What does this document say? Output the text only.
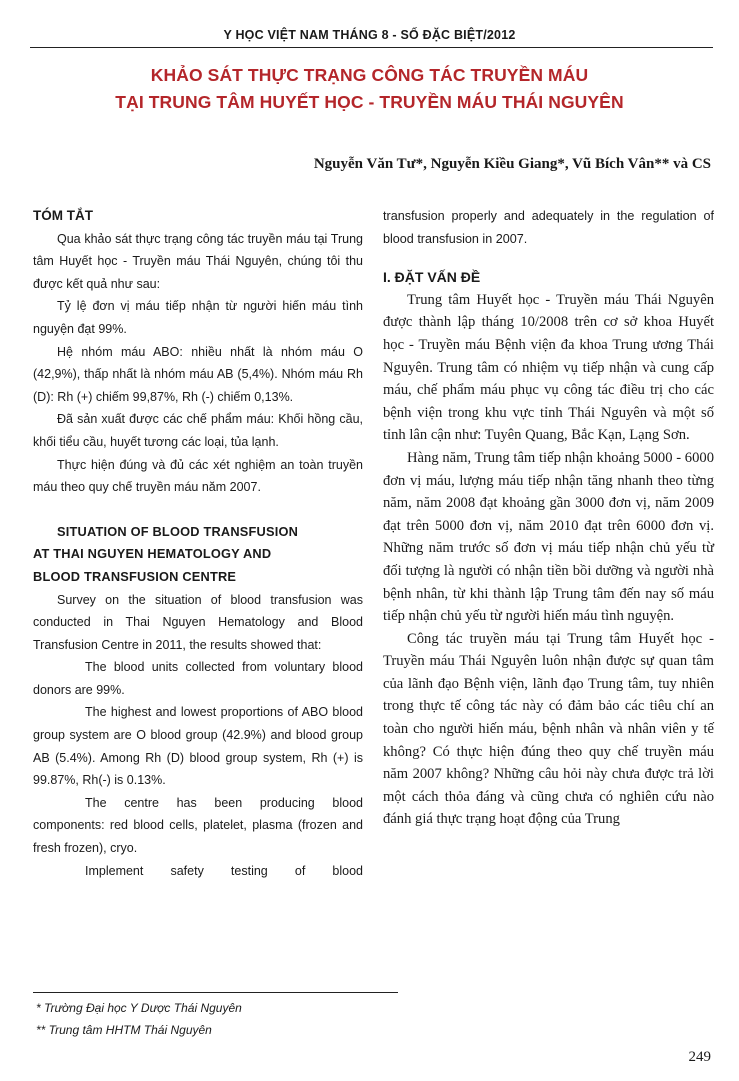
Y HỌC VIỆT NAM THÁNG 8 - SỐ ĐẶC BIỆT/2012
KHẢO SÁT THỰC TRẠNG CÔNG TÁC TRUYỀN MÁU
TẠI TRUNG TÂM HUYẾT HỌC - TRUYỀN MÁU THÁI NGUYÊN
Nguyễn Văn Tư*, Nguyễn Kiều Giang*, Vũ Bích Vân** và CS

TÓM TẮT

Qua khảo sát thực trạng công tác truyền máu tại Trung tâm Huyết học - Truyền máu Thái Nguyên, chúng tôi thu được kết quả như sau:

Tỷ lệ đơn vị máu tiếp nhận từ người hiến máu tình nguyện đạt 99%.

Hệ nhóm máu ABO: nhiều nhất là nhóm máu O (42,9%), thấp nhất là nhóm máu AB (5,4%). Nhóm máu Rh (D): Rh (+) chiếm 99,87%, Rh (-) chiếm 0,13%.

Đã sản xuất được các chế phẩm máu: Khối hồng cầu, khối tiểu cầu, huyết tương các loại, tủa lạnh.

Thực hiện đúng và đủ các xét nghiệm an toàn truyền máu theo quy chế truyền máu năm 2007.

SITUATION OF BLOOD TRANSFUSION

AT THAI NGUYEN HEMATOLOGY AND

BLOOD TRANSFUSION CENTRE

Survey on the situation of blood transfusion was conducted in Thai Nguyen Hematology and Blood Transfusion Centre in 2011, the results showed that:

The blood units collected from voluntary blood donors are 99%.

The highest and lowest proportions of ABO blood group system are O blood group (42.9%) and blood group AB (5.4%). Among Rh (D) blood group system, Rh (+) is 99.87%, Rh(-) is 0.13%.

The centre has been producing blood components: red blood cells, platelet, plasma (frozen and fresh frozen), cryo.

Implement safety testing of blood

transfusion properly and adequately in the regulation of blood transfusion in 2007.

I. ĐẶT VẤN ĐỀ

Trung tâm Huyết học - Truyền máu Thái Nguyên được thành lập tháng 10/2008 trên cơ sở khoa Huyết học - Truyền máu Bệnh viện đa khoa Trung ương Thái Nguyên. Trung tâm có nhiệm vụ tiếp nhận và cung cấp máu, chế phẩm máu phục vụ công tác điều trị cho các bệnh viện trong khu vực tỉnh Thái Nguyên và một số tỉnh lân cận như: Tuyên Quang, Bắc Kạn, Lạng Sơn.

Hàng năm, Trung tâm tiếp nhận khoảng 5000 - 6000 đơn vị máu, lượng máu tiếp nhận tăng nhanh theo từng năm, năm 2008 đạt khoảng gần 3000 đơn vị, năm 2009 đạt trên 5000 đơn vị, năm 2010 đạt trên 6000 đơn vị. Những năm trước số đơn vị máu tiếp nhận chủ yếu từ đối tượng là người có nhận tiền bồi dưỡng và người nhà bệnh nhân, từ khi thành lập Trung tâm đến nay số máu tiếp nhận chủ yếu từ người hiến máu tình nguyện.

Công tác truyền máu tại Trung tâm Huyết học - Truyền máu Thái Nguyên luôn nhận được sự quan tâm của lãnh đạo Bệnh viện, lãnh đạo Trung tâm, tuy nhiên trong thực tế công tác này có đảm bảo các tiêu chí an toàn cho người hiến máu, bệnh nhân và nhân viên y tế không? Có thực hiện đúng theo quy chế truyền máu năm 2007 không? Những câu hỏi này chưa được trả lời một cách thỏa đáng và cũng chưa có nghiên cứu nào đánh giá thực trạng hoạt động của Trung

* Trường Đại học Y Dược Thái Nguyên
** Trung tâm HHTM Thái Nguyên
249
